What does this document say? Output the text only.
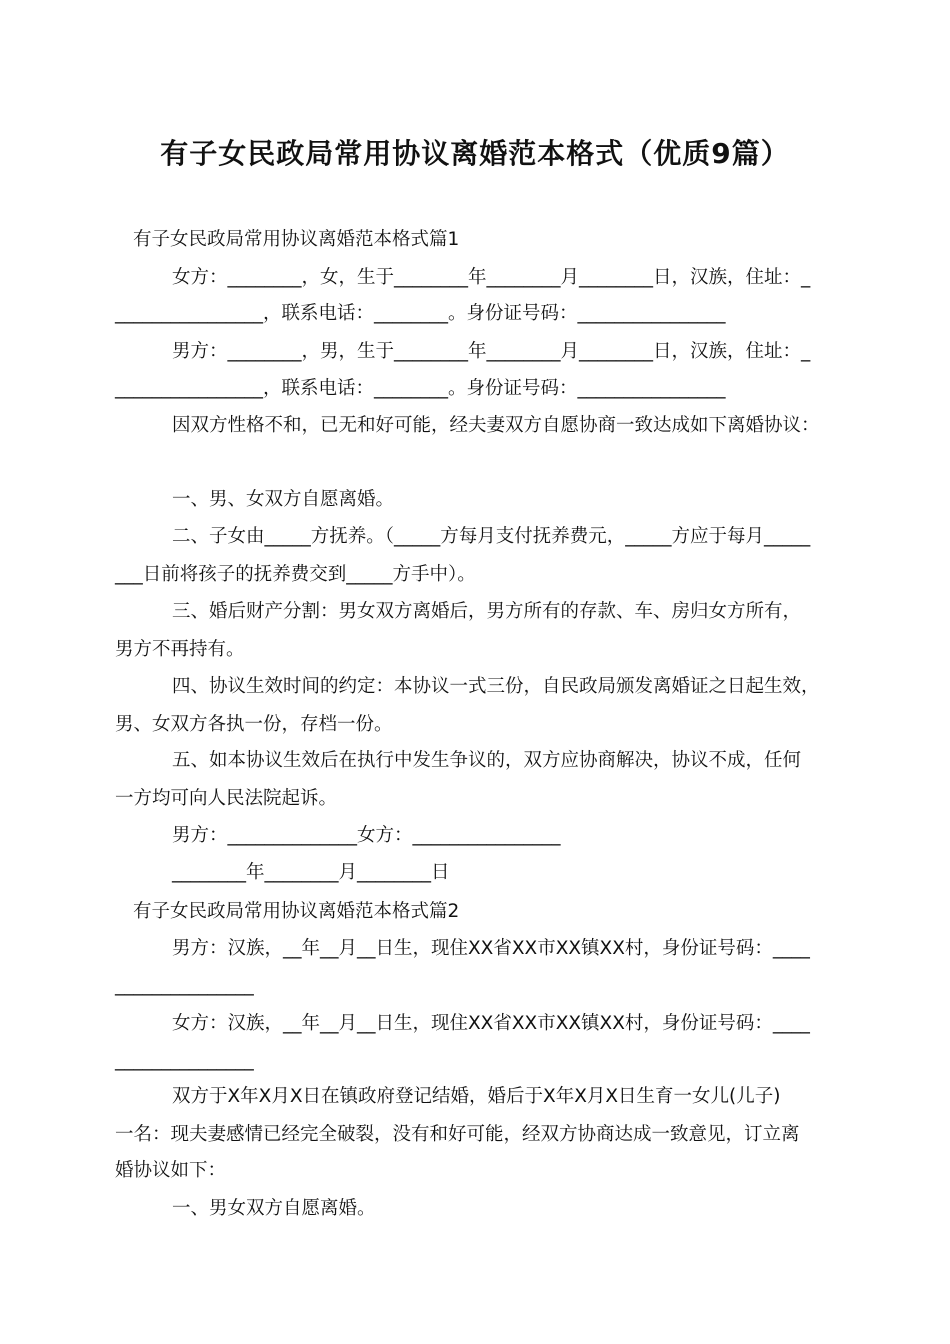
有子女民政局常用协议离婚范本格式（优质9篇）
有子女民政局常用协议离婚范本格式篇1
女方：________，女，生于________年________月________日，汉族，住址：_
________________，联系电话：________。身份证号码：________________
男方：________，男，生于________年________月________日，汉族，住址：_
________________，联系电话：________。身份证号码：________________
因双方性格不和，已无和好可能，经夫妻双方自愿协商一致达成如下离婚协议：
一、男、女双方自愿离婚。
二、子女由_____方抚养。（_____方每月支付抚养费元，_____方应于每月_____
___日前将孩子的抚养费交到_____方手中）。
三、婚后财产分割：男女双方离婚后，男方所有的存款、车、房归女方所有，
男方不再持有。
四、协议生效时间的约定：本协议一式三份，自民政局颁发离婚证之日起生效，
男、女双方各执一份，存档一份。
五、如本协议生效后在执行中发生争议的，双方应协商解决，协议不成，任何
一方均可向人民法院起诉。
男方：______________女方：________________
________年________月________日
有子女民政局常用协议离婚范本格式篇2
男方：汉族，__年__月__日生，现住XX省XX市XX镇XX村，身份证号码：____
_______________
女方：汉族，__年__月__日生，现住XX省XX市XX镇XX村，身份证号码：____
_______________
双方于X年X月X日在镇政府登记结婚，婚后于X年X月X日生育一女儿(儿子)
一名：现夫妻感情已经完全破裂，没有和好可能，经双方协商达成一致意见，订立离
婚协议如下：
一、男女双方自愿离婚。
